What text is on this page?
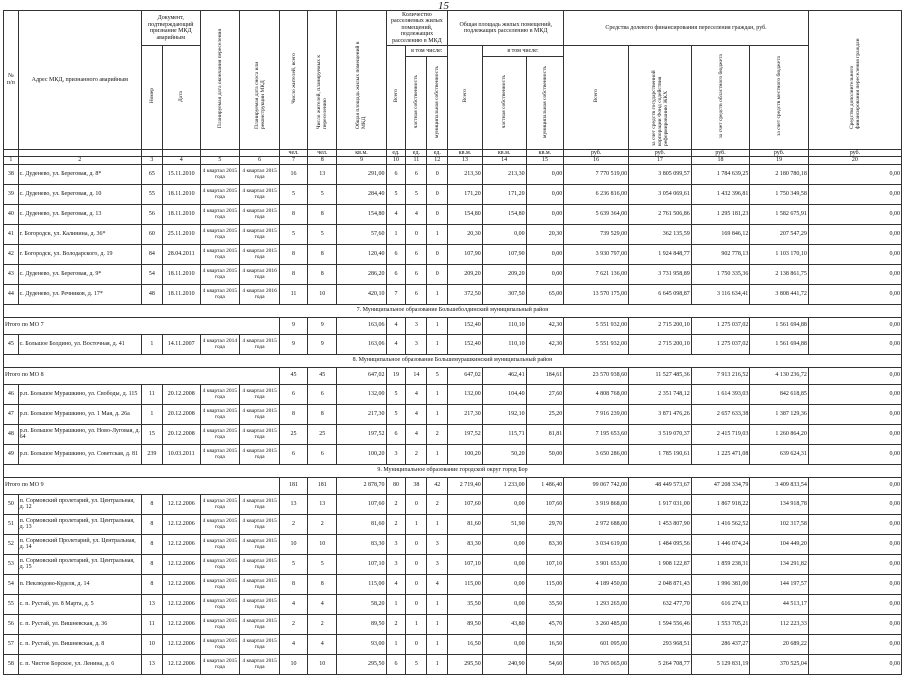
15
№ п/п	Адрес МКД, признанного аварийным	Документ, подтверждающий признание МКД аварийным		Планируемая дата окончания переселения	Планируемая дата сноса или реконструкции МКД	Число жителей, всего	Число жителей, планируемых к переселению	Общая площадь жилых помещений в МКД	Количество расселяемых жилых помещений, подлежащих расселению в МКД			Общая площадь жилых помещений, подлежащих расселению в МКД			Средства долевого финансирования переселения граждан, руб.				Средства дополнительного финансирования переселения граждан
		Номер	Дата						Всего	в том числе:		Всего	в том числе:		Всего	за счет средств государственной корпорации Фонд содействия реформированию ЖКХ	за счет средств областного бюджета	за счет средств местного бюджета	
										частная собственность	муниципальная собственность		частная собственность	муниципальная собственность					
						чел.	чел.	кв.м.	ед.	ед.	ед.	кв.м.	кв.м.	кв.м.	руб.	руб.	руб.	руб.	руб.
1	2	3	4	5	6	7	8	9	10	11	12	13	14	15	16	17	18	19	20
38	с. Дуденево, ул. Береговая, д. 8*	65	15.11.2010	4 квартал 2015 года	4 квартал 2015 года	16	13	291,00	6	6	0	213,30	213,30	0,00	7 770 519,00	3 805 099,57	1 784 639,25	2 180 780,18	0,00
39	с. Дуденево, ул. Береговая, д. 10	55	18.11.2010	4 квартал 2015 года	4 квартал 2015 года	5	5	284,40	5	5	0	171,20	171,20	0,00	6 236 816,00	3 054 069,61	1 432 396,81	1 750 349,58	0,00
40	с. Дуденево, ул. Береговая, д. 13	56	18.11.2010	4 квартал 2015 года	4 квартал 2015 года	8	8	154,80	4	4	0	154,80	154,80	0,00	5 639 364,00	2 761 506,86	1 295 181,23	1 582 675,91	0,00
41	г. Богородск, ул. Калинина, д. 36*	60	25.11.2010	4 квартал 2015 года	4 квартал 2015 года	5	5	57,60	1	0	1	20,30	0,00	20,30	739 529,00	362 135,59	169 846,12	207 547,29	0,00
42	г. Богородск, ул. Володарского, д. 19	84	28.04.2011	4 квартал 2015 года	4 квартал 2015 года	8	8	120,40	6	6	0	107,90	107,90	0,00	3 930 797,00	1 924 848,77	902 778,13	1 103 170,10	0,00
43	с. Дуденево, ул. Береговая, д. 9*	54	18.11.2010	4 квартал 2015 года	4 квартал 2016 года	8	8	286,20	6	6	0	209,20	209,20	0,00	7 621 136,00	3 731 958,89	1 750 335,36	2 138 861,75	0,00
44	с. Дуденево, ул. Речников, д. 17*	48	18.11.2010	4 квартал 2015 года	4 квартал 2016 года	11	10	420,10	7	6	1	372,50	307,50	65,00	13 570 175,00	6 645 098,87	3 116 634,41	3 808 441,72	0,00
7. Муниципальное образование Большеболдинский муниципальный район																			
Итого по МО 7						9	9	163,06	4	3	1	152,40	110,10	42,30	5 551 932,00	2 715 200,10	1 275 037,02	1 561 694,88	0,00
45	с. Большое Болдино, ул. Восточная, д. 41	1	14.11.2007	4 квартал 2014 года	4 квартал 2015 года	9	9	163,06	4	3	1	152,40	110,10	42,30	5 551 932,00	2 715 200,10	1 275 037,02	1 561 694,88	0,00
8. Муниципальное образование Большемурашкинский муниципальный район																			
Итого по МО 8						45	45	647,02	19	14	5	647,02	462,41	184,61	23 570 938,60	11 527 485,36	7 913 216,52	4 130 236,72	0,00
46	р.п. Большое Мурашкино, ул. Свободы, д. 115	11	20.12.2008	4 квартал 2015 года	4 квартал 2015 года	6	6	132,00	5	4	1	132,00	104,40	27,60	4 808 768,00	2 351 748,12	1 614 393,03	842 618,85	0,00
47	р.п. Большое Мурашкино, ул. 1 Мая, д. 26а	1	20.12.2008	4 квартал 2015 года	4 квартал 2015 года	8	8	217,30	5	4	1	217,30	192,10	25,20	7 916 239,00	3 871 476,26	2 657 633,38	1 387 129,36	0,00
48	р.п. Большое Мурашкино, ул. Ново-Луговая, д. 64	15	20.12.2008	4 квартал 2015 года	4 квартал 2015 года	25	25	197,52	6	4	2	197,52	115,71	81,81	7 195 653,60	3 519 070,37	2 415 719,03	1 260 864,20	0,00
49	р.п. Большое Мурашкино, ул. Советская, д. 81	239	10.03.2011	4 квартал 2015 года	4 квартал 2015 года	6	6	100,20	3	2	1	100,20	50,20	50,00	3 650 286,00	1 785 190,61	1 225 471,08	639 624,31	0,00
9. Муниципальное образование городской округ город Бор																			
Итого по МО 9						181	181	2 878,70	80	38	42	2 719,40	1 233,00	1 486,40	99 067 742,00	48 449 573,67	47 208 334,79	3 409 833,54	0,00
50	п. Сормовский пролетарий, ул. Центральная, д. 12	8	12.12.2006	4 квартал 2015 года	4 квартал 2015 года	13	13	107,60	2	0	2	107,60	0,00	107,60	3 919 868,00	1 917 031,00	1 867 918,22	134 918,78	0,00
51	п. Сормовский пролетарий, ул. Центральная, д. 13	8	12.12.2006	4 квартал 2015 года	4 квартал 2015 года	2	2	81,60	2	1	1	81,60	51,90	29,70	2 972 688,00	1 453 807,90	1 416 562,52	102 317,58	0,00
52	п. Сормовский Пролетарий, ул. Центральная, д. 14	8	12.12.2006	4 квартал 2015 года	4 квартал 2015 года	10	10	83,30	3	0	3	83,30	0,00	83,30	3 034 619,00	1 484 095,56	1 446 074,24	104 449,20	0,00
53	п. Сормовский пролетарий, ул. Центральная, д. 15	8	12.12.2006	4 квартал 2015 года	4 квартал 2015 года	5	5	107,10	3	0	3	107,10	0,00	107,10	3 901 653,00	1 908 122,87	1 859 238,31	134 291,82	0,00
54	п. Неклюдово-Куделя, д. 14	8	12.12.2006	4 квартал 2015 года	4 квартал 2015 года	8	8	115,00	4	0	4	115,00	0,00	115,00	4 189 450,00	2 048 871,43	1 996 381,00	144 197,57	0,00
55	с. п. Рустай, ул. 8 Марта, д. 5	13	12.12.2006	4 квартал 2015 года	4 квартал 2015 года	4	4	58,20	1	0	1	35,50	0,00	35,50	1 293 265,00	632 477,70	616 274,13	44 513,17	0,00
56	с. п. Рустай, ул. Вишневская, д. 36	11	12.12.2006	4 квартал 2015 года	4 квартал 2015 года	2	2	89,50	2	1	1	89,50	43,80	45,70	3 260 485,00	1 594 556,46	1 553 705,21	112 223,33	0,00
57	с. п. Рустай, ул. Вишневская, д. 8	10	12.12.2006	4 квартал 2015 года	4 квартал 2015 года	4	4	93,00	1	0	1	16,50	0,00	16,50	601 095,00	293 968,51	286 437,27	20 689,22	0,00
58	с. п. Чистое Борское, ул. Ленина, д. 6	13	12.12.2006	4 квартал 2015 года	4 квартал 2015 года	10	10	295,50	6	5	1	295,50	240,90	54,60	10 765 065,00	5 264 708,77	5 129 831,19	370 525,04	0,00
